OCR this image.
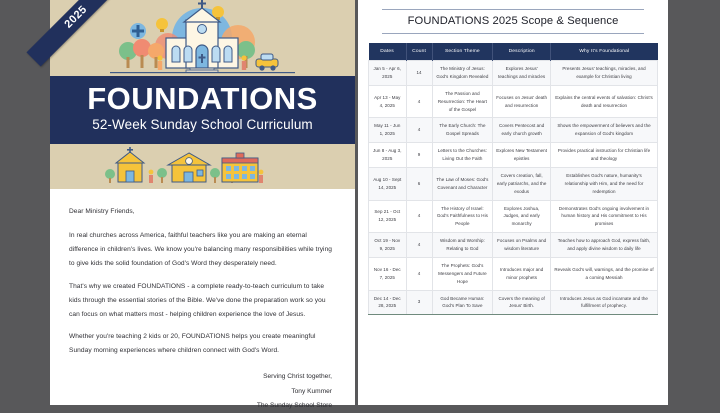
2025
FOUNDATIONS
52-Week Sunday School Curriculum

Dear Ministry Friends,

In real churches across America, faithful teachers like you are making an eternal difference in children's lives. We know you're balancing many responsibilities while trying to give kids the solid foundation of God's Word they desperately need.

That's why we created FOUNDATIONS - a complete ready-to-teach curriculum to take kids through the essential stories of the Bible. We've done the preparation work so you can focus on what matters most - helping children experience the love of Jesus.

Whether you're teaching 2 kids or 20, FOUNDATIONS helps you create meaningful Sunday morning experiences where children connect with God's Word.

Serving Christ together,
Tony Kummer
The Sunday School Store
FOUNDATIONS 2025 Scope & Sequence
Dates	Count	Section Theme	Description	Why It's Foundational
Jan 5 - Apr 6, 2025	14	The Ministry of Jesus: God's Kingdom Revealed	Explores Jesus' teachings and miracles	Presents Jesus' teachings, miracles, and example for Christian living
Apr 13 - May 4, 2025	4	The Passion and Resurrection: The Heart of the Gospel	Focuses on Jesus' death and resurrection	Explains the central events of salvation: Christ's death and resurrection
May 11 - Jun 1, 2025	4	The Early Church: The Gospel Spreads	Covers Pentecost and early church growth	Shows the empowerment of believers and the expansion of God's kingdom
Jun 8 - Aug 3, 2025	9	Letters to the Churches: Living Out the Faith	Explores New Testament epistles	Provides practical instruction for Christian life and theology
Aug 10 - Sept 14, 2025	6	The Law of Moses: God's Covenant and Character	Covers creation, fall, early patriarchs, and the exodus	Establishes God's nature, humanity's relationship with Him, and the need for redemption
Sep 21 - Oct 12, 2025	4	The History of Israel: God's Faithfulness to His People	Explores Joshua, Judges, and early monarchy	Demonstrates God's ongoing involvement in human history and His commitment to His promises
Oct 19 - Nov 9, 2025	4	Wisdom and Worship: Relating to God	Focuses on Psalms and wisdom literature	Teaches how to approach God, express faith, and apply divine wisdom to daily life
Nov 16 - Dec 7, 2025	4	The Prophets: God's Messengers and Future Hope	Introduces major and minor prophets	Reveals God's will, warnings, and the promise of a coming Messiah
Dec 14 - Dec 28, 2025	3	God Became Human: God's Plan To Save	Covers the meaning of Jesus' Birth.	Introduces Jesus as God incarnate and the fulfillment of prophecy.
